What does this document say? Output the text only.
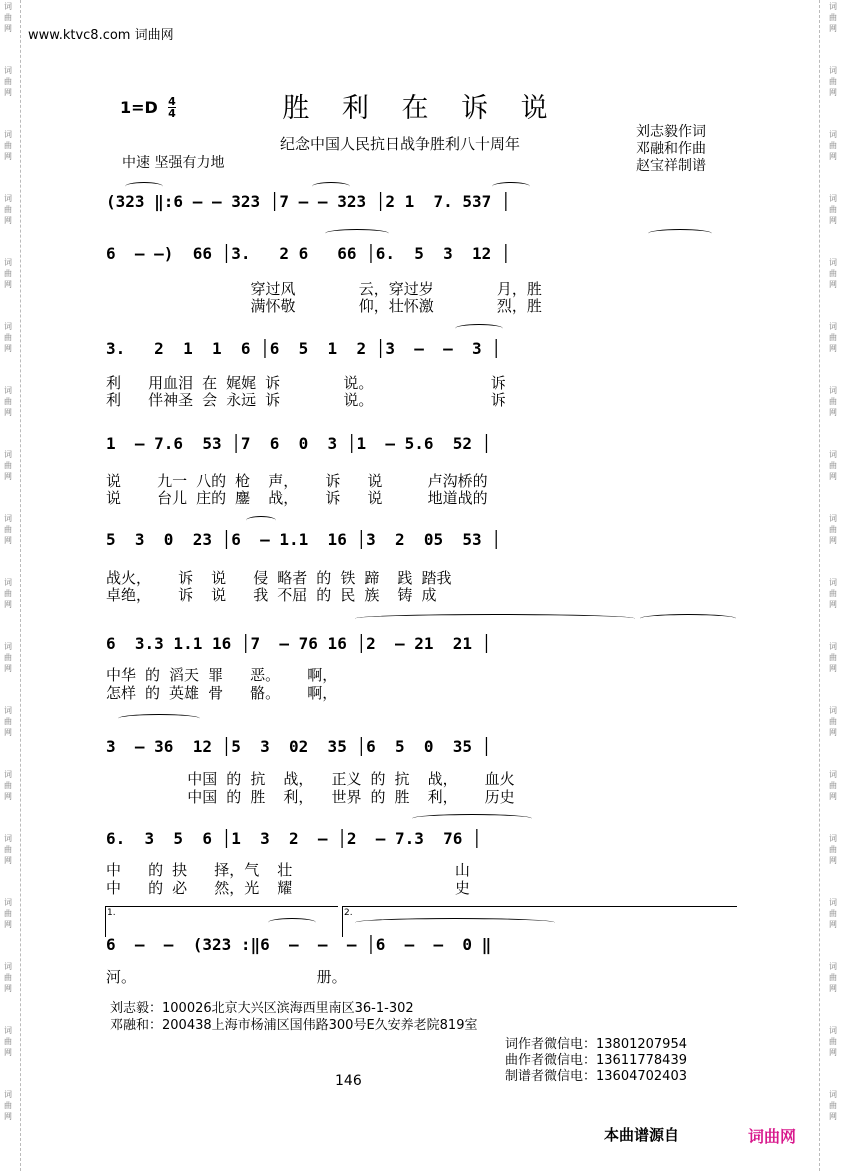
词
曲
网
词
曲
网
词
曲
网
词
曲
网
词
曲
网
词
曲
网
词
曲
网
词
曲
网
词
曲
网
词
曲
网
词
曲
网
词
曲
网
词
曲
网
词
曲
网
词
曲
网
词
曲
网
词
曲
网
词
曲
网
词
曲
网
词
曲
网
词
曲
网
词
曲
网
词
曲
网
词
曲
网
词
曲
网
词
曲
网
词
曲
网
词
曲
网
词
曲
网
词
曲
网
词
曲
网
词
曲
网
词
曲
网
词
曲
网
词
曲
网
词
曲
网
www.ktvc8.com 词曲网
1=D 4
4	胜 利 在 诉 说
纪念中国人民抗日战争胜利八十周年
中速 坚强有力地
刘志毅作词
邓融和作曲
赵宝祥制谱
(323 ‖:6 – – 323 │7 – – 323 │2 1  7. 537 │
6  – –)  66 │3.   2 6   66 │6.  5  3  12 │
穿过风       云，穿过岁       月，胜
满怀敬       仰，壮怀激       烈，胜
3.   2  1  1  6 │6  5  1  2 │3  –  –  3 │
利   用血泪 在 娓娓 诉       说。             诉
利   伴神圣 会 永远 诉       说。             诉
1  – 7.6  53 │7  6  0  3 │1  – 5.6  52 │
说    九一 八的 枪  声，   诉   说     卢沟桥的
说    台儿 庄的 鏖  战，   诉   说     地道战的
5  3  0  23 │6  – 1.1  16 │3  2  05  53 │
战火，   诉  说   侵 略者 的 铁 蹄  践 踏我
卓绝，   诉  说   我 不屈 的 民 族  铸 成
6  3.3 1.1 16 │7  – 76 16 │2  – 21  21 │
中华 的 滔天 罪   恶。   啊，
怎样 的 英雄 骨   骼。   啊，
3  – 36  12 │5  3  02  35 │6  5  0  35 │
中国 的 抗  战，  正义 的 抗  战，   血火
中国 的 胜  利，  世界 的 胜  利，   历史
6.  3  5  6 │1  3  2  – │2  – 7.3  76 │
中   的 抉   择，气  壮                  山
中   的 必   然，光  耀                  史
1.	2.
6  –  –  (323 :‖6  –  –  – │6  –  –  0 ‖
河。                    册。
刘志毅：100026北京大兴区滨海西里南区36-1-302
邓融和：200438上海市杨浦区国伟路300号E久安养老院819室
词作者微信电：13801207954
曲作者微信电：13611778439
制谱者微信电：13604702403
146
本曲谱源自	词曲网
